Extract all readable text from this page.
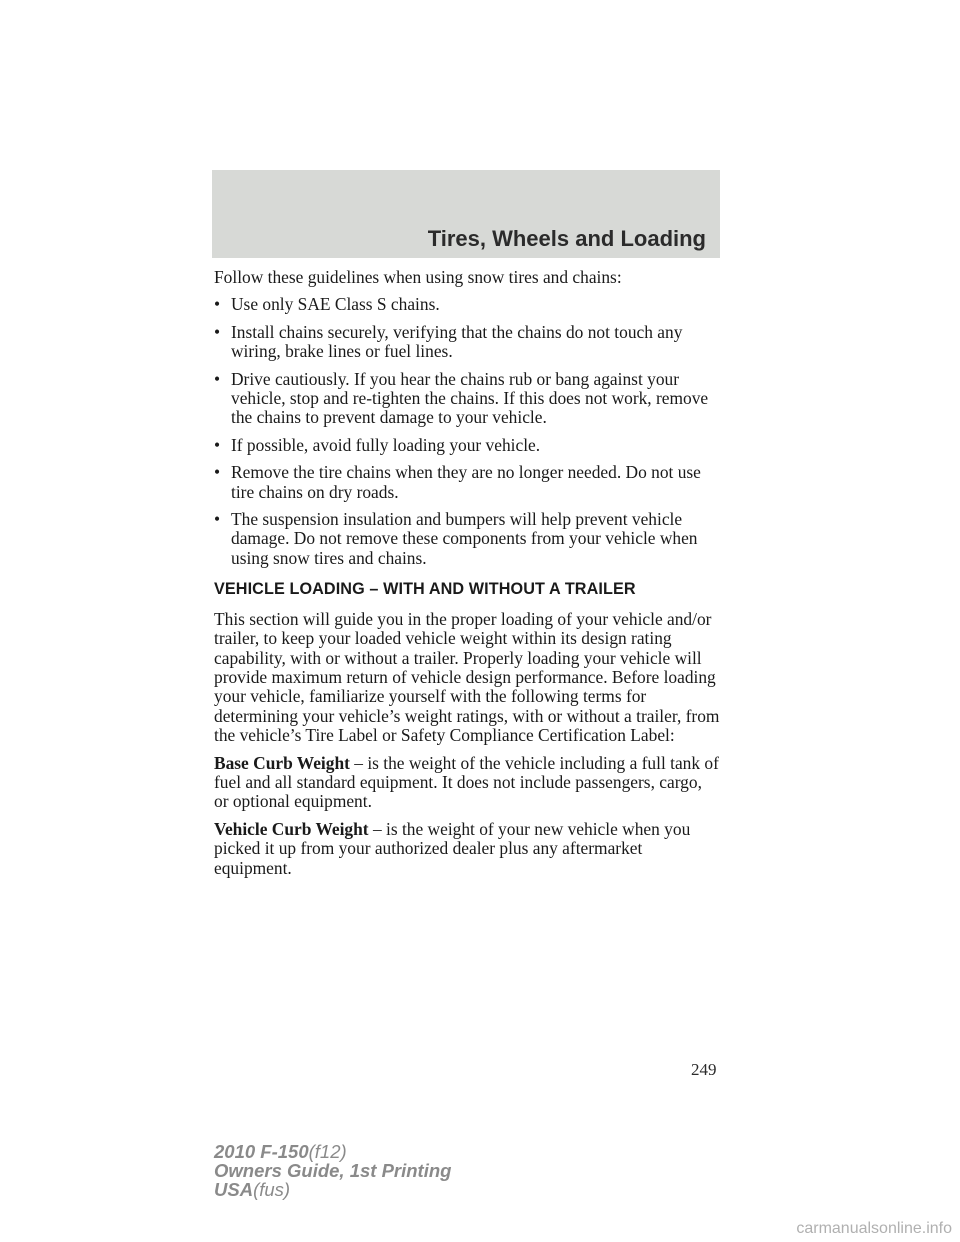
Tires, Wheels and Loading

Follow these guidelines when using snow tires and chains:

• Use only SAE Class S chains.
• Install chains securely, verifying that the chains do not touch any wiring, brake lines or fuel lines.
• Drive cautiously. If you hear the chains rub or bang against your vehicle, stop and re-tighten the chains. If this does not work, remove the chains to prevent damage to your vehicle.
• If possible, avoid fully loading your vehicle.
• Remove the tire chains when they are no longer needed. Do not use tire chains on dry roads.
• The suspension insulation and bumpers will help prevent vehicle damage. Do not remove these components from your vehicle when using snow tires and chains.
VEHICLE LOADING – WITH AND WITHOUT A TRAILER

This section will guide you in the proper loading of your vehicle and/or trailer, to keep your loaded vehicle weight within its design rating capability, with or without a trailer. Properly loading your vehicle will provide maximum return of vehicle design performance. Before loading your vehicle, familiarize yourself with the following terms for determining your vehicle’s weight ratings, with or without a trailer, from the vehicle’s Tire Label or Safety Compliance Certification Label:

Base Curb Weight – is the weight of the vehicle including a full tank of fuel and all standard equipment. It does not include passengers, cargo, or optional equipment.

Vehicle Curb Weight – is the weight of your new vehicle when you picked it up from your authorized dealer plus any aftermarket equipment.

249
2010 F-150(f12)
Owners Guide, 1st Printing
USA(fus)
carmanualsonline.info
